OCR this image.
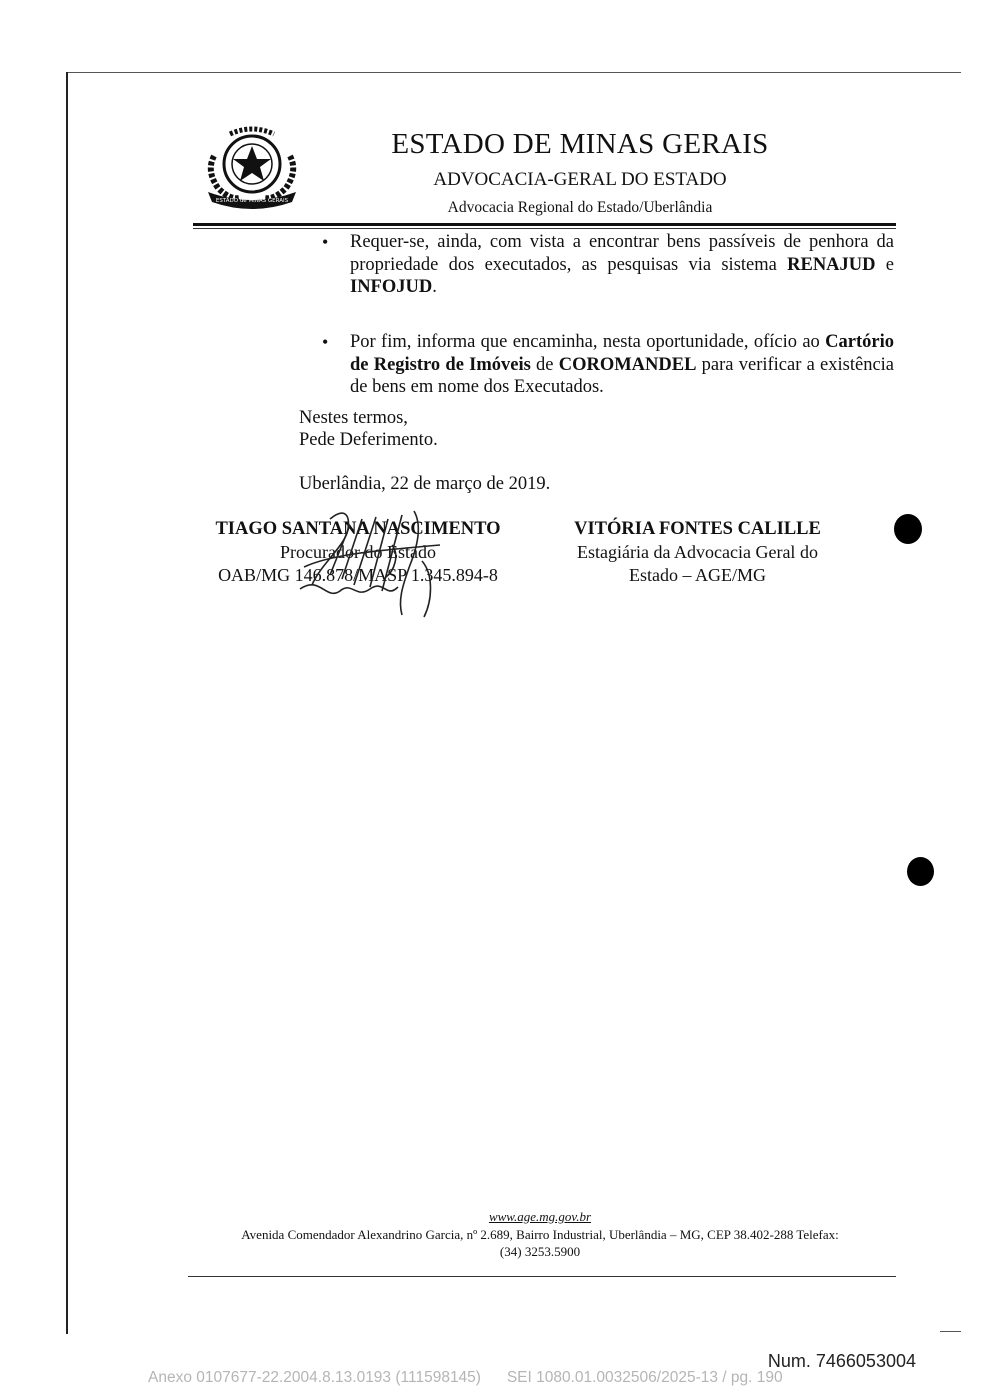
ESTADO de MINAS GERAIS
ESTADO DE MINAS GERAIS
ADVOCACIA-GERAL DO ESTADO
Advocacia Regional do Estado/Uberlândia
• Requer-se, ainda, com vista a encontrar bens passíveis de penhora da propriedade dos executados, as pesquisas via sistema RENAJUD e INFOJUD.
• Por fim, informa que encaminha, nesta oportunidade, ofício ao Cartório de Registro de Imóveis de COROMANDEL para verificar a existência de bens em nome dos Executados.
Nestes termos,
Pede Deferimento.
Uberlândia, 22 de março de 2019.
TIAGO SANTANA NASCIMENTO
Procurador do Estado
OAB/MG 146.878/MASP 1.345.894-8
VITÓRIA FONTES CALILLE
Estagiária da Advocacia Geral do
Estado – AGE/MG
www.age.mg.gov.br
Avenida Comendador Alexandrino Garcia, nº 2.689, Bairro Industrial, Uberlândia – MG, CEP 38.402-288 Telefax:
(34) 3253.5900
Num. 7466053004
Anexo 0107677-22.2004.8.13.0193 (111598145) SEI 1080.01.0032506/2025-13 / pg. 190
